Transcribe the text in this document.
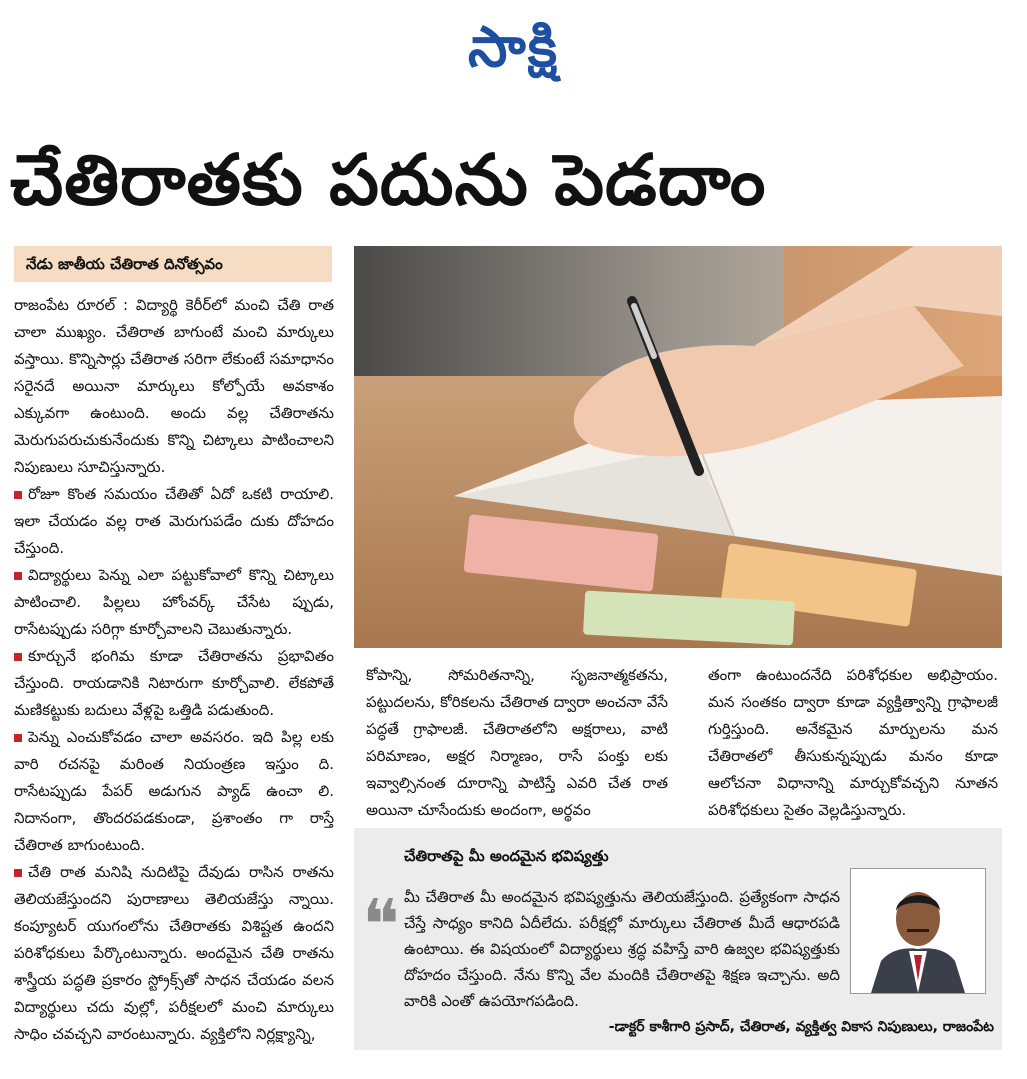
సాక్షి
చేతిరాతకు పదును పెడదాం
నేడు జాతీయ చేతిరాత దినోత్సవం

రాజంపేట రూరల్ : విద్యార్థి కెరీర్‌లో మంచి చేతి రాత చాలా ముఖ్యం. చేతిరాత బాగుంటే మంచి మార్కులు వస్తాయి. కొన్నిసార్లు చేతిరాత సరిగా లేకుంటే సమాధానం సరైనదే అయినా మార్కులు కోల్పోయే అవకాశం ఎక్కువగా ఉంటుంది. అందు వల్ల చేతిరాతను మెరుగుపరుచుకునేందుకు కొన్ని చిట్కాలు పాటించాలని నిపుణులు సూచిస్తున్నారు.

రోజూ కొంత సమయం చేతితో ఏదో ఒకటి రాయాలి. ఇలా చేయడం వల్ల రాత మెరుగుపడేం దుకు దోహదం చేస్తుంది.

విద్యార్థులు పెన్ను ఎలా పట్టుకోవాలో కొన్ని చిట్కాలు పాటించాలి. పిల్లలు హోంవర్క్ చేసేట ప్పుడు, రాసేటప్పుడు సరిగ్గా కూర్చోవాలని చెబుతున్నారు.

కూర్చునే భంగిమ కూడా చేతిరాతను ప్రభావితం చేస్తుంది. రాయడానికి నిటారుగా కూర్చోవాలి. లేకపోతే మణికట్టుకు బదులు వేళ్లపై ఒత్తిడి పడుతుంది.

పెన్ను ఎంచుకోవడం చాలా అవసరం. ఇది పిల్ల లకు వారి రచనపై మరింత నియంత్రణ ఇస్తుం ది. రాసేటప్పుడు పేపర్ అడుగున ప్యాడ్ ఉంచా లి. నిదానంగా, తొందరపడకుండా, ప్రశాంతం గా రాస్తే చేతిరాత బాగుంటుంది.

చేతి రాత మనిషి నుదిటిపై దేవుడు రాసిన రాతను తెలియజేస్తుందని పురాణాలు తెలియజేస్తు న్నాయి. కంప్యూటర్ యుగంలోను చేతిరాతకు విశిష్టత ఉందని పరిశోధకులు పేర్కొంటున్నారు. అందమైన చేతి రాతను శాస్త్రీయ పద్ధతి ప్రకారం స్ట్రోక్స్‌తో సాధన చేయడం వలన విద్యార్థులు చదు వుల్లో, పరీక్షలలో మంచి మార్కులు సాధిం చవచ్చని వారంటున్నారు. వ్యక్తిలోని నిర్లక్ష్యాన్ని,

కోపాన్ని, సోమరితనాన్ని, సృజనాత్మకతను, పట్టుదలను, కోరికలను చేతిరాత ద్వారా అంచనా వేసే పద్ధతే గ్రాఫాలజీ. చేతిరాతలోని అక్షరాలు, వాటి పరిమాణం, అక్షర నిర్మాణం, రాసే పంక్తు లకు ఇవ్వాల్సినంత దూరాన్ని పాటిస్తే ఎవరి చేత రాత అయినా చూసేందుకు అందంగా, అర్థవం

తంగా ఉంటుందనేది పరిశోధకుల అభిప్రాయం. మన సంతకం ద్వారా కూడా వ్యక్తిత్వాన్ని గ్రాఫాలజీ గుర్తిస్తుంది. అనేకమైన మార్పులను మన చేతిరాతలో తీసుకున్నప్పుడు మనం కూడా ఆలోచనా విధానాన్ని మార్చుకోవచ్చని నూతన పరిశోధకులు సైతం వెల్లడిస్తున్నారు.

చేతిరాతపై మీ అందమైన భవిష్యత్తు
❝ మీ చేతిరాత మీ అందమైన భవిష్యత్తును తెలియజేస్తుంది. ప్రత్యేకంగా సాధన చేస్తే సాధ్యం కానిది ఏదీలేదు. పరీక్షల్లో మార్కులు చేతిరాత మీదే ఆధారపడి ఉంటాయి. ఈ విషయంలో విద్యార్థులు శ్రద్ధ వహిస్తే వారి ఉజ్వల భవిష్యత్తుకు దోహదం చేస్తుంది. నేను కొన్ని వేల మందికి చేతిరాతపై శిక్షణ ఇచ్చాను. అది వారికి ఎంతో ఉపయోగపడింది.
-డాక్టర్ కాశీగారి ప్రసాద్, చేతిరాత, వ్యక్తిత్వ వికాస నిపుణులు, రాజంపేట
